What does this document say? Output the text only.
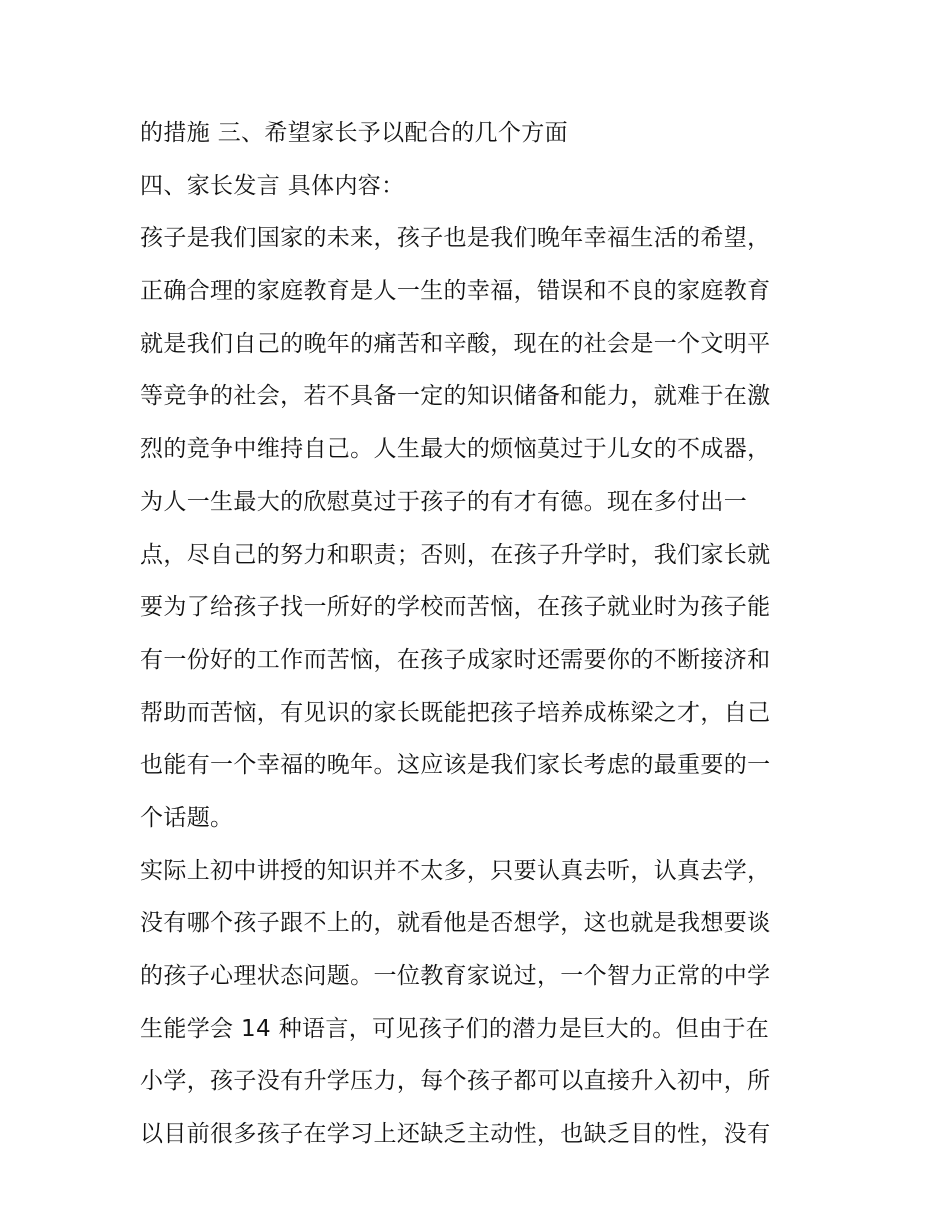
的措施 三、希望家长予以配合的几个方面
四、家长发言 具体内容：
孩子是我们国家的未来，孩子也是我们晚年幸福生活的希望，
正确合理的家庭教育是人一生的幸福，错误和不良的家庭教育
就是我们自己的晚年的痛苦和辛酸，现在的社会是一个文明平
等竞争的社会，若不具备一定的知识储备和能力，就难于在激
烈的竞争中维持自己。人生最大的烦恼莫过于儿女的不成器，
为人一生最大的欣慰莫过于孩子的有才有德。现在多付出一
点，尽自己的努力和职责；否则，在孩子升学时，我们家长就
要为了给孩子找一所好的学校而苦恼，在孩子就业时为孩子能
有一份好的工作而苦恼，在孩子成家时还需要你的不断接济和
帮助而苦恼，有见识的家长既能把孩子培养成栋梁之才，自己
也能有一个幸福的晚年。这应该是我们家长考虑的最重要的一
个话题。
实际上初中讲授的知识并不太多，只要认真去听，认真去学，
没有哪个孩子跟不上的，就看他是否想学，这也就是我想要谈
的孩子心理状态问题。一位教育家说过，一个智力正常的中学
生能学会 14 种语言，可见孩子们的潜力是巨大的。但由于在
小学，孩子没有升学压力，每个孩子都可以直接升入初中，所
以目前很多孩子在学习上还缺乏主动性，也缺乏目的性，没有
